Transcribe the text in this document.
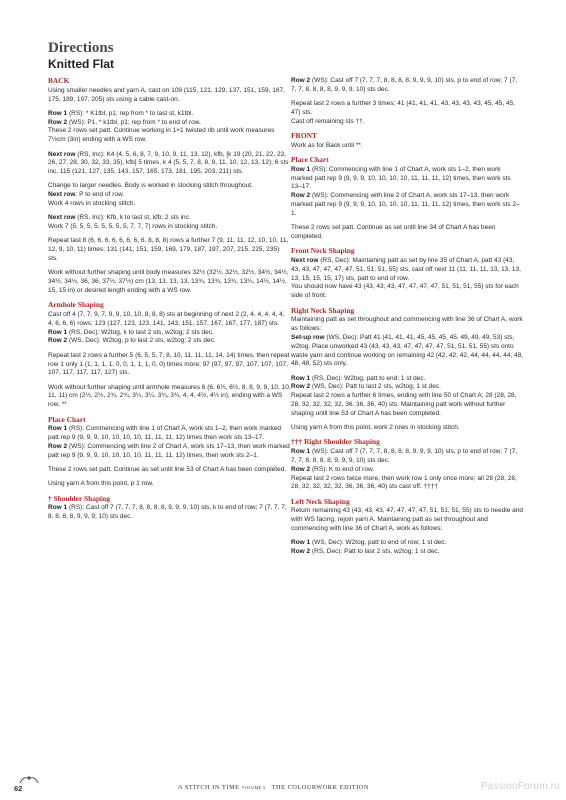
Directions
Knitted Flat
BACK

Using smaller needles and yarn A, cast on 109 (115, 121, 129, 137, 151, 159, 167, 175, 189, 197, 205) sts using a cable cast-on.

Row 1 (RS): * K1tbl, p1; rep from * to last st, k1tbl.
Row 2 (WS): P1, * k1tbl, p1; rep from * to end of row.
These 2 rows set patt. Continue working in 1×1 twisted rib until work measures 7½cm (3in) ending with a WS row.

Next row (RS, Inc): K4 (4, 5, 6, 8, 7, 9, 10, 9, 11, 13, 12), kfb, [k 19 (20, 21, 22, 23, 26, 27, 28, 30, 32, 33, 35), kfb] 5 times, k 4 (5, 5, 7, 8, 8, 9, 11, 10, 12, 13, 12); 6 sts inc, 115 (121, 127, 135, 143, 157, 165, 173, 181, 195, 203, 211) sts.

Change to larger needles. Body is worked in stocking stitch throughout.
Next row: P to end of row.
Work 4 rows in stocking stitch.

Next row (RS, Inc): Kfb, k to last st, kfb; 2 sts inc.
Work 7 (5, 5, 5, 5, 5, 5, 5, 5, 7, 7, 7) rows in stocking stitch.

Repeat last 8 (6, 6, 6, 6, 6, 6, 6, 6, 8, 8, 8) rows a further 7 (9, 11, 11, 12, 10, 10, 11, 12, 9, 10, 11) times; 131 (141, 151, 159, 169, 179, 187, 197, 207, 215, 225, 235) sts.

Work without further shaping until body measures 32½ (32½, 32½, 32½, 34½, 34½, 34½, 34½, 36, 36, 37½, 37½) cm (13, 13, 13, 13, 13¾, 13¾, 13¾, 13¾, 14½, 14½, 15, 15 in) or desired length ending with a WS row.

Armhole Shaping

Cast off 4 (7, 7, 9, 7, 9, 9, 10, 10, 8, 8, 8) sts at beginning of next 2 (2, 4, 4, 4, 4, 4, 4, 6, 6, 6) rows; 123 (127, 123, 123, 141, 143, 151, 157, 167, 167, 177, 187) sts.
Row 1 (RS, Dec): W2tog, k to last 2 sts, w2tog; 2 sts dec.
Row 2 (WS, Dec): W2tog, p to last 2 sts, w2tog; 2 sts dec.

Repeat last 2 rows a further 5 (6, 5, 5, 7, 8, 10, 11, 11, 11, 14, 14) times, then repeat row 1 only 1 (1, 1, 1, 1, 0, 0, 1, 1, 1, 0, 0) times more; 97 (97, 97, 97, 107, 107, 107, 107, 117, 117, 117, 127) sts.

Work without further shaping until armhole measures 6 (6, 6½, 6½, 8, 8, 9, 9, 10, 10, 11, 11) cm (2½, 2½, 2¾, 2¾, 3¼, 3¼, 3¾, 3¾, 4, 4, 4½, 4½ in), ending with a WS row. **

Place Chart

Row 1 (RS): Commencing with line 1 of Chart A, work sts 1–2, then work marked patt rep 9 (9, 9, 9, 10, 10, 10, 10, 11, 11, 11, 12) times then work sts 13–17.
Row 2 (WS): Commencing with line 2 of Chart A, work sts 17–13, then work marked patt rep 9 (9, 9, 9, 10, 10, 10, 10, 11, 11, 11, 12) times, then work sts 2–1.

These 2 rows set patt. Continue as set until line 53 of Chart A has been completed.

Using yarn A from this point, p 1 row.

† Shoulder Shaping

Row 1 (RS): Cast off 7 (7, 7, 7, 8, 8, 8, 8, 9, 9, 9, 10) sts, k to end of row; 7 (7, 7, 7, 8, 8, 8, 8, 9, 9, 9, 10) sts dec.

Row 2 (WS): Cast off 7 (7, 7, 7, 8, 8, 8, 8, 9, 9, 9, 10) sts, p to end of row; 7 (7, 7, 7, 8, 8, 8, 8, 9, 9, 9, 10) sts dec.

Repeat last 2 rows a further 3 times; 41 (41, 41, 41, 43, 43, 43, 43, 45, 45, 45, 47) sts.
Cast off remaining sts ††.

FRONT

Work as for Back until **.

Place Chart

Row 1 (RS): Commencing with line 1 of Chart A, work sts 1–2, then work marked patt rep 9 (9, 9, 9, 10, 10, 10, 10, 11, 11, 11, 12) times, then work sts 13–17.
Row 2 (WS): Commencing with line 2 of Chart A, work sts 17–13, then work marked patt rep 9 (9, 9, 9, 10, 10, 10, 10, 11, 11, 11, 12) times, then work sts 2–1.

These 2 rows set patt. Continue as set until line 34 of Chart A has been completed.

Front Neck Shaping

Next row (RS, Dec): Maintaining patt as set by line 35 of Chart A, patt 43 (43, 43, 43, 47, 47, 47, 47, 51, 51, 51, 55) sts, cast off next 11 (11, 11, 11, 13, 13, 13, 13, 15, 15, 15, 17) sts, patt to end of row.
You should now have 43 (43, 43, 43, 47, 47, 47, 47, 51, 51, 51, 55) sts for each side of front.

Right Neck Shaping

Maintaining patt as set throughout and commencing with line 36 of Chart A, work as follows:
Set-up row (WS, Dec): Patt 41 (41, 41, 41, 45, 45, 45, 45, 49, 49, 49, 53) sts, w2tog. Place unworked 43 (43, 43, 43, 47, 47, 47, 47, 51, 51, 51, 55) sts onto waste yarn and continue working on remaining 42 (42, 42, 42, 44, 44, 44, 44, 48, 48, 48, 52) sts only.

Row 1 (RS, Dec): W2tog, patt to end; 1 st dec.
Row 2 (WS, Dec): Patt to last 2 sts, w2tog; 1 st dec.
Repeat last 2 rows a further 6 times, ending with line 50 of Chart A; 28 (28, 28, 28, 32, 32, 32, 32, 36, 36, 36, 40) sts. Maintaining patt work without further shaping until line 53 of Chart A has been completed.

Using yarn A from this point, work 2 rows in stocking stitch.

††† Right Shoulder Shaping

Row 1 (WS): Cast off 7 (7, 7, 7, 8, 8, 8, 8, 9, 9, 9, 10) sts, p to end of row; 7 (7, 7, 7, 8, 8, 8, 8, 9, 9, 9, 10) sts dec.
Row 2 (RS): K to end of row.
Repeat last 2 rows twice more, then work row 1 only once more; all 28 (28, 28, 28, 32, 32, 32, 32, 36, 36, 36, 40) sts cast off. ††††

Left Neck Shaping

Return remaining 43 (43, 43, 43, 47, 47, 47, 47, 51, 51, 51, 55) sts to needle and with WS facing, rejoin yarn A. Maintaining patt as set throughout and commencing with line 36 of Chart A, work as follows:

Row 1 (WS, Dec): W2tog, patt to end of row; 1 st dec.
Row 2 (RS, Dec): Patt to last 2 sts, w2tog; 1 st dec.

62	A STITCH IN TIME VOLUME 3 THE COLOURWORK EDITION	PassionForum.ru
